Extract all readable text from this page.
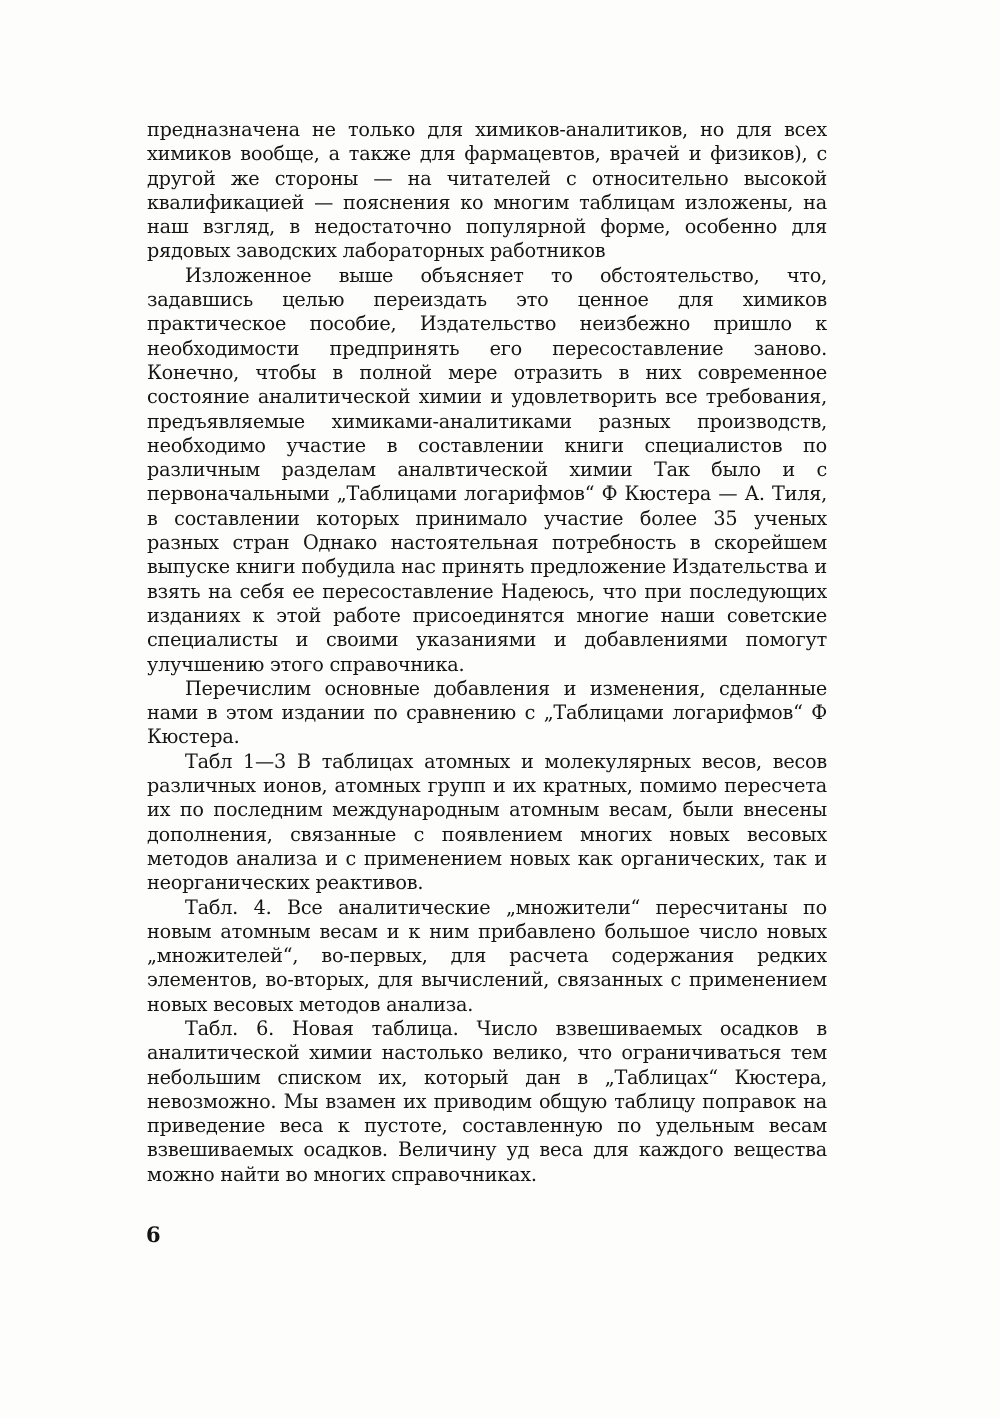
предназначена не только для химиков-аналитиков, но для всех химиков вообще, а также для фармацевтов, врачей и физиков), с другой же стороны — на читателей с относительно высокой квалификацией — пояснения ко многим таблицам изложены, на наш взгляд, в недостаточно популярной форме, особенно для рядовых заводских лабораторных работников

Изложенное выше объясняет то обстоятельство, что, задавшись целью переиздать это ценное для химиков практическое пособие, Издательство неизбежно пришло к необходимости предпринять его пересоставление заново. Конечно, чтобы в полной мере отразить в них современное состояние аналитической химии и удовлетворить все требования, предъявляемые химиками-аналитиками разных производств, необходимо участие в составлении книги специалистов по различным разделам аналвтической химии Так было и с первоначальными „Таблицами логарифмов“ Ф Кюстера — А. Тиля, в составлении которых принимало участие более 35 ученых разных стран Однако настоятельная потребность в скорейшем выпуске книги побудила нас принять предложение Издательства и взять на себя ее пересоставление Надеюсь, что при последующих изданиях к этой работе присоединятся многие наши советские специалисты и своими указаниями и добавлениями помогут улучшению этого справочника.

Перечислим основные добавления и изменения, сделанные нами в этом издании по сравнению с „Таблицами логарифмов“ Ф Кюстера.

Табл 1—3 В таблицах атомных и молекулярных весов, весов различных ионов, атомных групп и их кратных, помимо пересчета их по последним международным атомным весам, были внесены дополнения, связанные с появлением многих новых весовых методов анализа и с применением новых как органических, так и неорганических реактивов.

Табл. 4. Все аналитические „множители“ пересчитаны по новым атомным весам и к ним прибавлено большое число новых „множителей“, во-первых, для расчета содержания редких элементов, во-вторых, для вычислений, связанных с применением новых весовых методов анализа.

Табл. 6. Новая таблица. Число взвешиваемых осадков в аналитической химии настолько велико, что ограничиваться тем небольшим списком их, который дан в „Таблицах“ Кюстера, невозможно. Мы взамен их приводим общую таблицу поправок на приведение веса к пустоте, составленную по удельным весам взвешиваемых осадков. Величину уд веса для каждого вещества можно найти во многих справочниках.

6
